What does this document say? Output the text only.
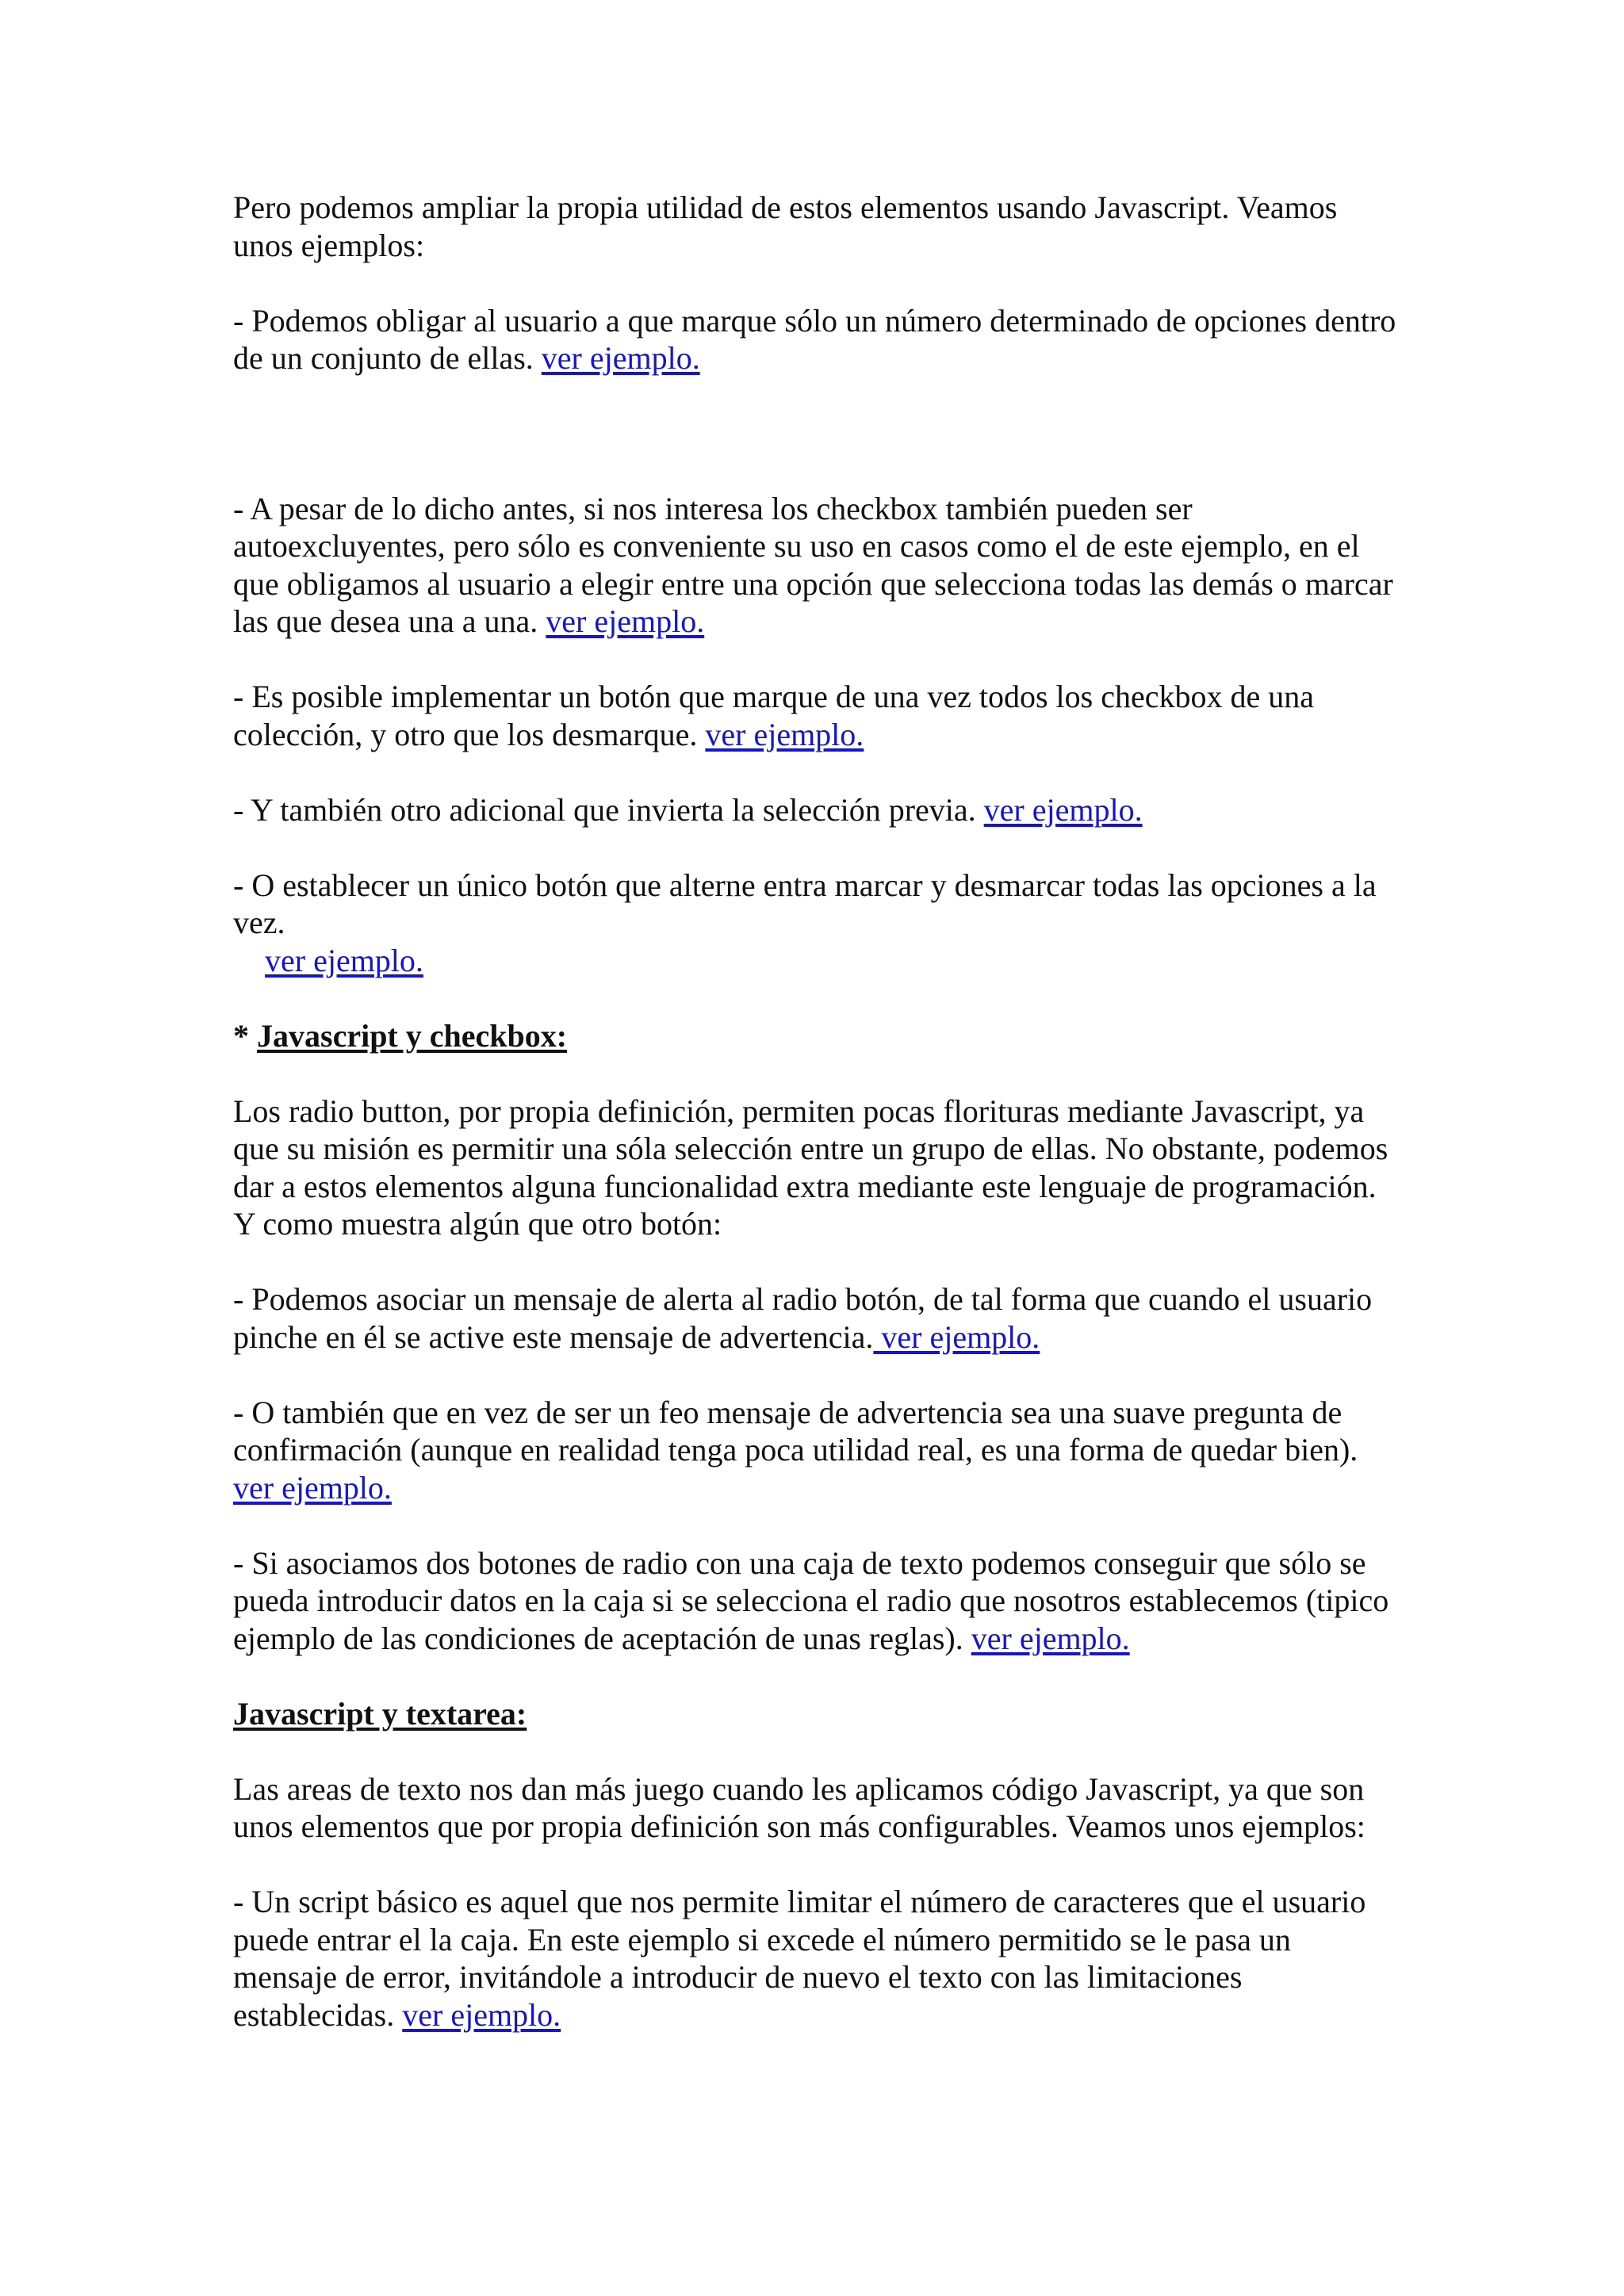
Pero podemos ampliar la propia utilidad de estos elementos usando Javascript. Veamos unos ejemplos:

- Podemos obligar al usuario a que marque sólo un número determinado de opciones dentro de un conjunto de ellas. ver ejemplo.

- A pesar de lo dicho antes, si nos interesa los checkbox también pueden ser autoexcluyentes, pero sólo es conveniente su uso en casos como el de este ejemplo, en el que obligamos al usuario a elegir entre una opción que selecciona todas las demás o marcar las que desea una a una. ver ejemplo.

- Es posible implementar un botón que marque de una vez todos los checkbox de una colección, y otro que los desmarque. ver ejemplo.

- Y también otro adicional que invierta la selección previa. ver ejemplo.

- O establecer un único botón que alterne entra marcar y desmarcar todas las opciones a la vez.
ver ejemplo.

* Javascript y checkbox:

Los radio button, por propia definición, permiten pocas florituras mediante Javascript, ya que su misión es permitir una sóla selección entre un grupo de ellas. No obstante, podemos dar a estos elementos alguna funcionalidad extra mediante este lenguaje de programación. Y como muestra algún que otro botón:

- Podemos asociar un mensaje de alerta al radio botón, de tal forma que cuando el usuario pinche en él se active este mensaje de advertencia. ver ejemplo.

- O también que en vez de ser un feo mensaje de advertencia sea una suave pregunta de confirmación (aunque en realidad tenga poca utilidad real, es una forma de quedar bien). ver ejemplo.

- Si asociamos dos botones de radio con una caja de texto podemos conseguir que sólo se pueda introducir datos en la caja si se selecciona el radio que nosotros establecemos (tipico ejemplo de las condiciones de aceptación de unas reglas). ver ejemplo.

Javascript y textarea:

Las areas de texto nos dan más juego cuando les aplicamos código Javascript, ya que son unos elementos que por propia definición son más configurables. Veamos unos ejemplos:

- Un script básico es aquel que nos permite limitar el número de caracteres que el usuario puede entrar el la caja. En este ejemplo si excede el número permitido se le pasa un mensaje de error, invitándole a introducir de nuevo el texto con las limitaciones establecidas. ver ejemplo.
